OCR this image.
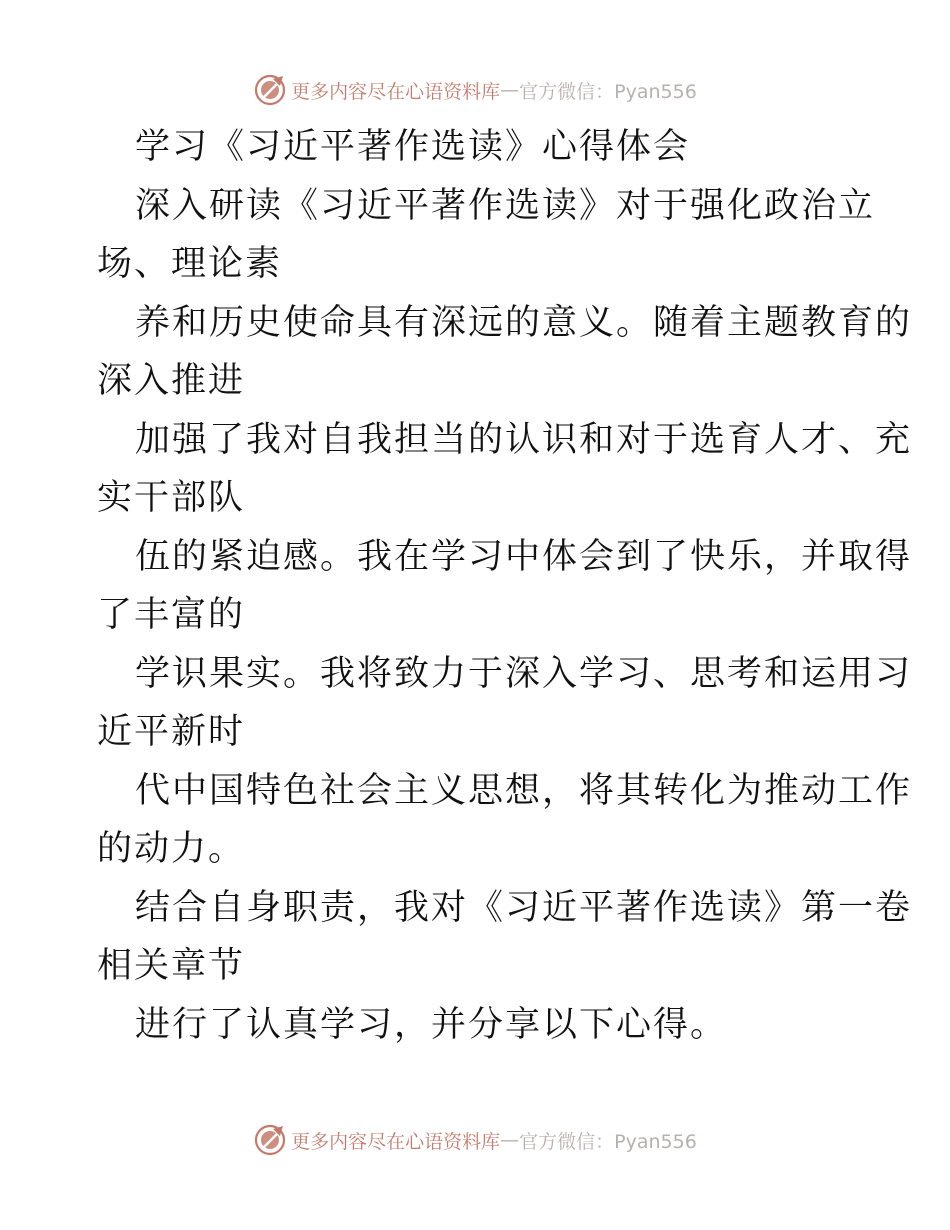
更多内容尽在心语资料库 — 官方微信：Pyan556
学习《习近平著作选读》心得体会
深入研读《习近平著作选读》对于强化政治立
场、理论素
养和历史使命具有深远的意义。随着主题教育的
深入推进
加强了我对自我担当的认识和对于选育人才、充
实干部队
伍的紧迫感。我在学习中体会到了快乐，并取得
了丰富的
学识果实。我将致力于深入学习、思考和运用习
近平新时
代中国特色社会主义思想，将其转化为推动工作
的动力。
结合自身职责，我对《习近平著作选读》第一卷
相关章节
进行了认真学习，并分享以下心得。
更多内容尽在心语资料库 — 官方微信：Pyan556
